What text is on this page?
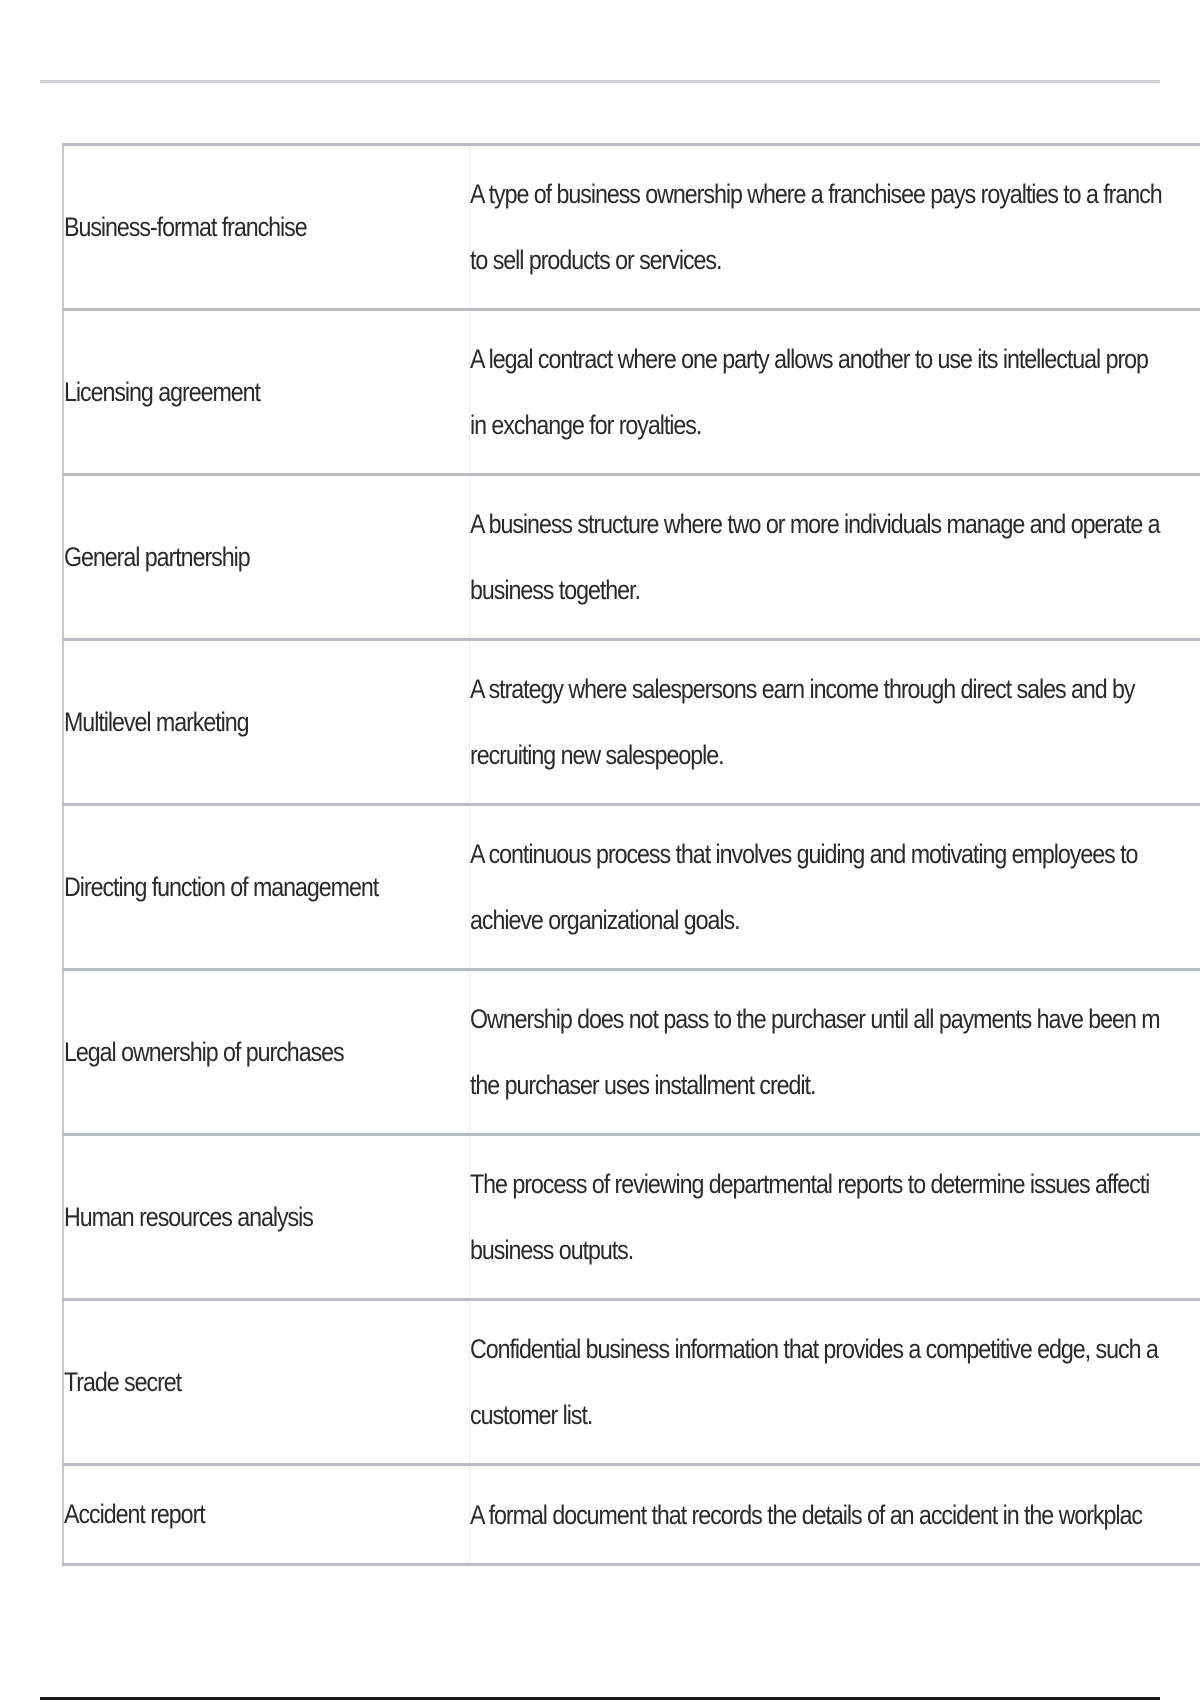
Business-format franchise	A type of business ownership where a franchisee pays royalties to a franch
to sell products or services.
Licensing agreement	A legal contract where one party allows another to use its intellectual prop
in exchange for royalties.
General partnership	A business structure where two or more individuals manage and operate a
business together.
Multilevel marketing	A strategy where salespersons earn income through direct sales and by
recruiting new salespeople.
Directing function of management	A continuous process that involves guiding and motivating employees to
achieve organizational goals.
Legal ownership of purchases	Ownership does not pass to the purchaser until all payments have been m
the purchaser uses installment credit.
Human resources analysis	The process of reviewing departmental reports to determine issues affecti
business outputs.
Trade secret	Confidential business information that provides a competitive edge, such a
customer list.
Accident report	A formal document that records the details of an accident in the workplac
